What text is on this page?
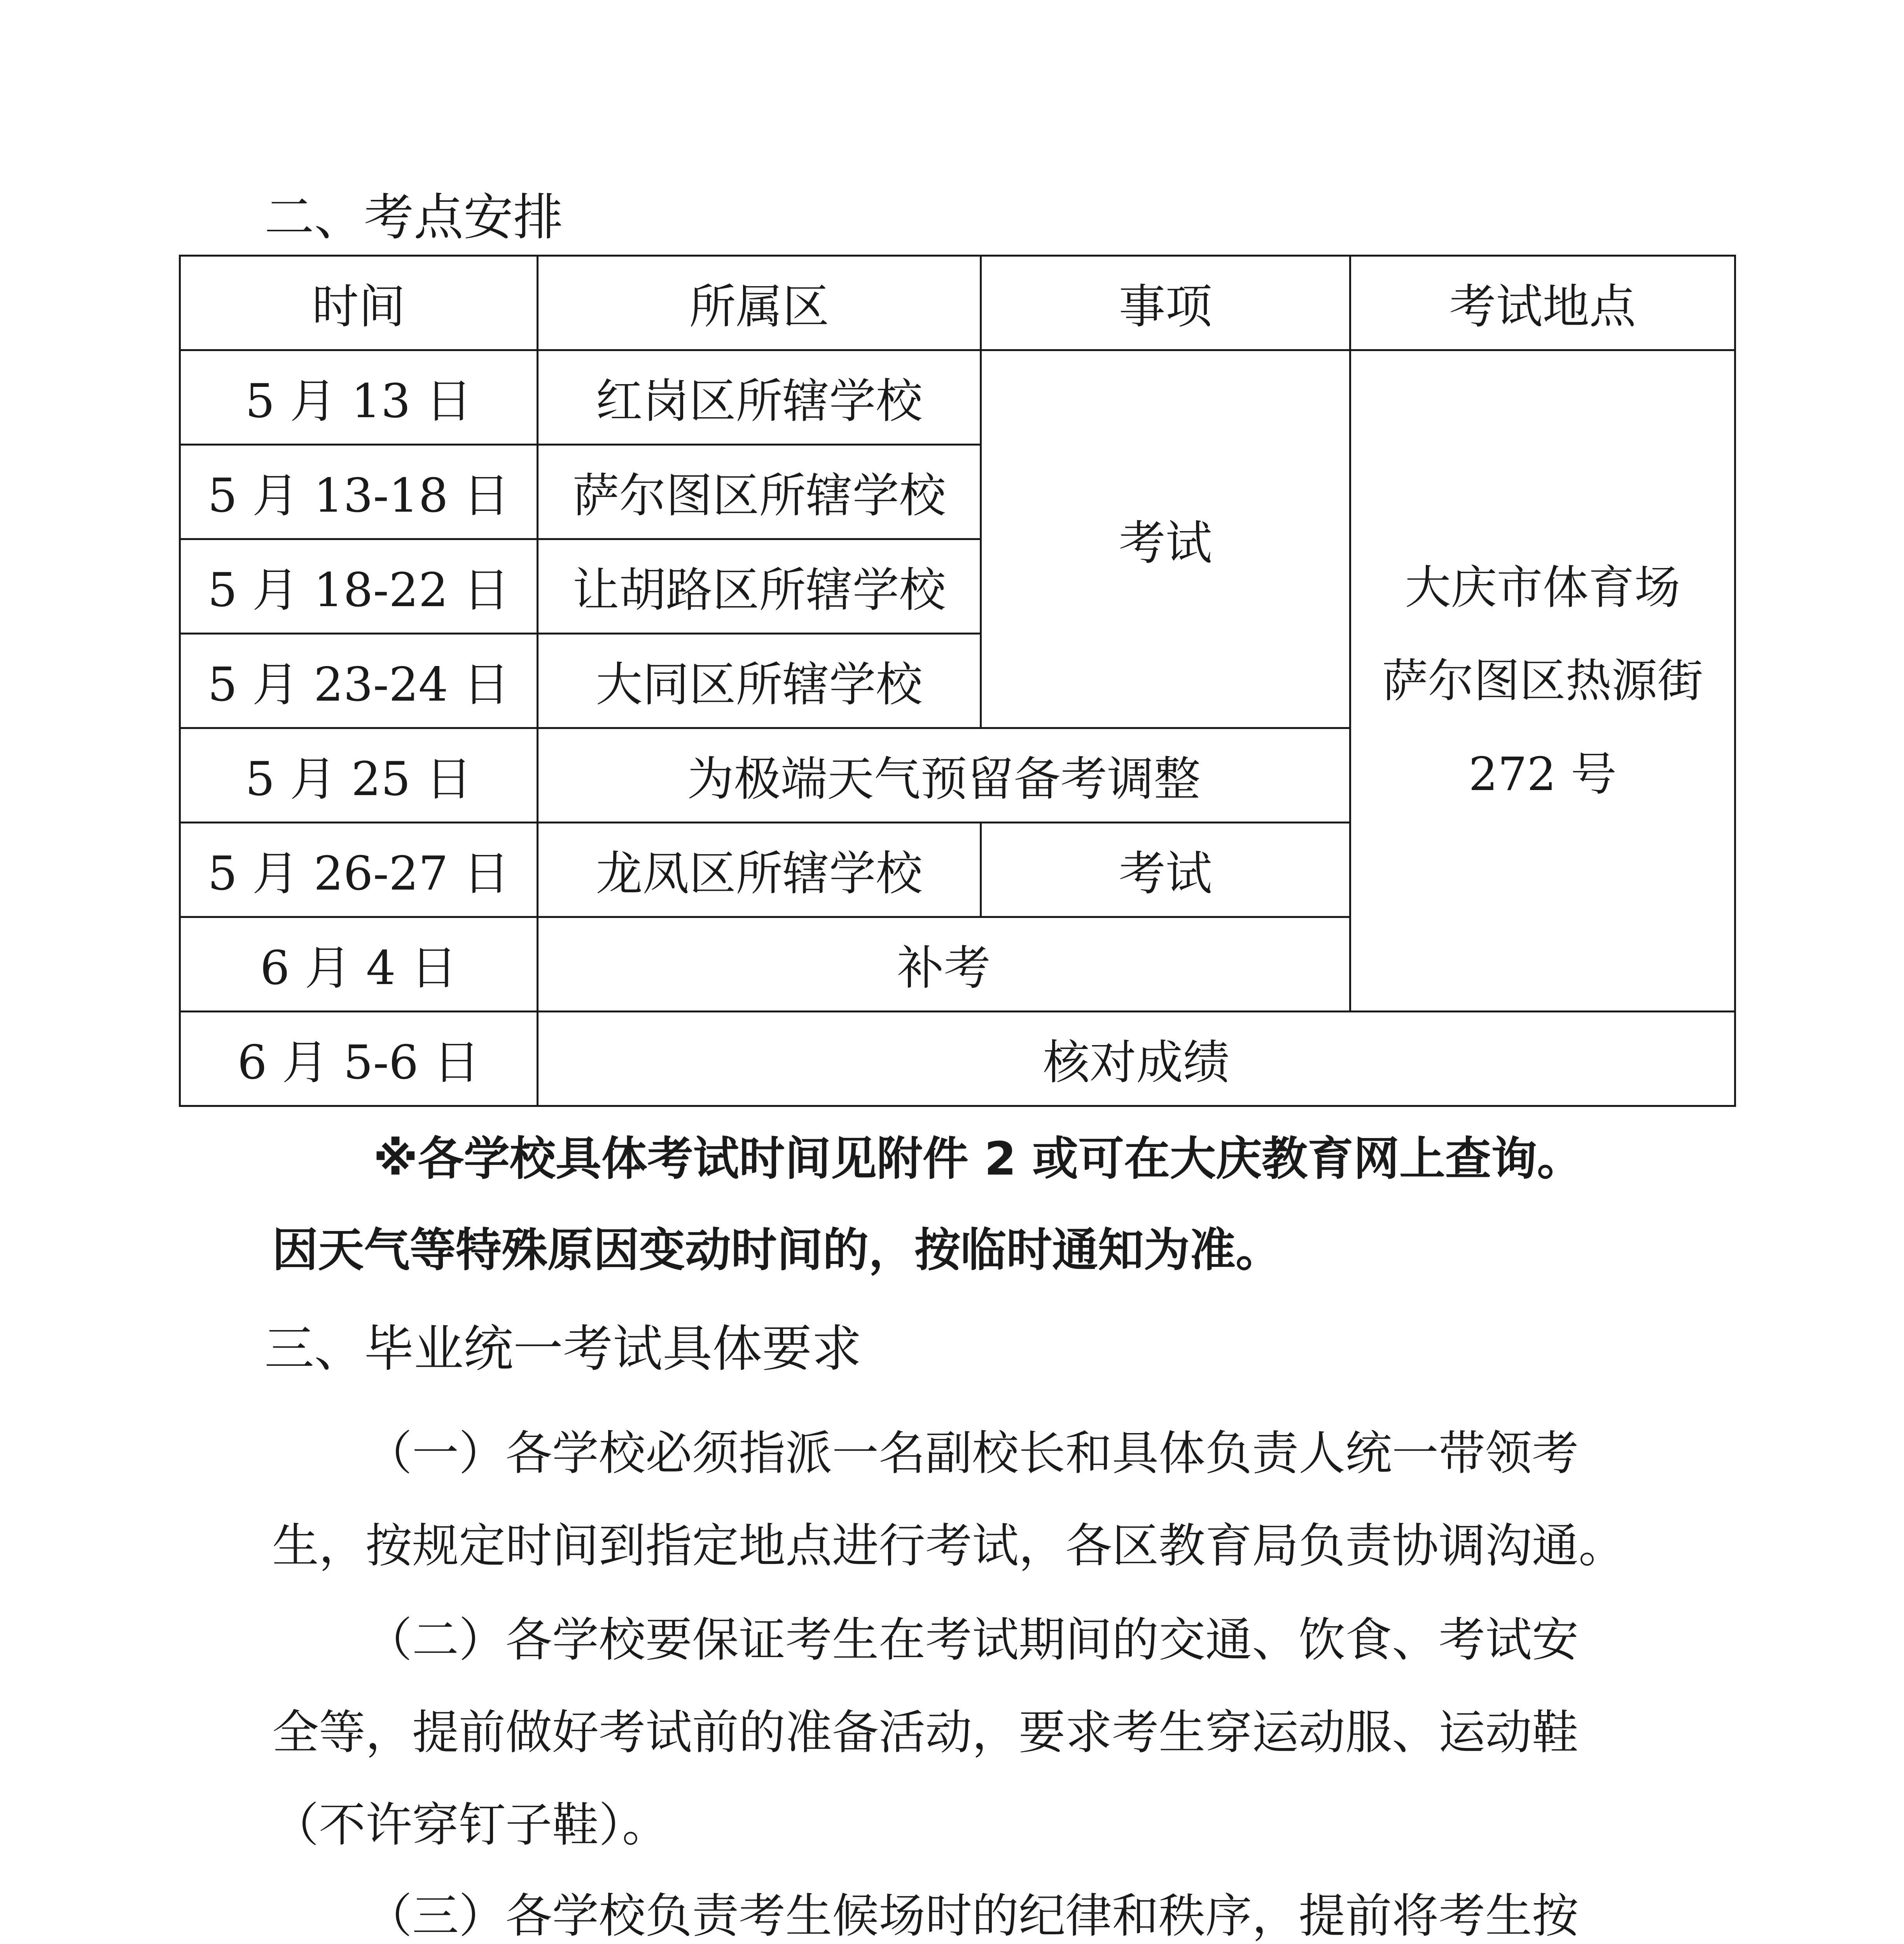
二、考点安排
时间	所属区	事项	考试地点
5 月 13 日	红岗区所辖学校	考试	大庆市体育场
萨尔图区热源街
272 号

5 月 13-18 日	萨尔图区所辖学校		
5 月 18-22 日	让胡路区所辖学校		
5 月 23-24 日	大同区所辖学校		
5 月 25 日	为极端天气预留备考调整		
5 月 26-27 日	龙凤区所辖学校	考试	
6 月 4 日	补考		
6 月 5-6 日	核对成绩		
※各学校具体考试时间见附件 2 或可在大庆教育网上查询。
因天气等特殊原因变动时间的，按临时通知为准。
三、毕业统一考试具体要求
（一）各学校必须指派一名副校长和具体负责人统一带领考
生，按规定时间到指定地点进行考试，各区教育局负责协调沟通。
（二）各学校要保证考生在考试期间的交通、饮食、考试安
全等，提前做好考试前的准备活动，要求考生穿运动服、运动鞋
（不许穿钉子鞋）。
（三）各学校负责考生候场时的纪律和秩序，提前将考生按
